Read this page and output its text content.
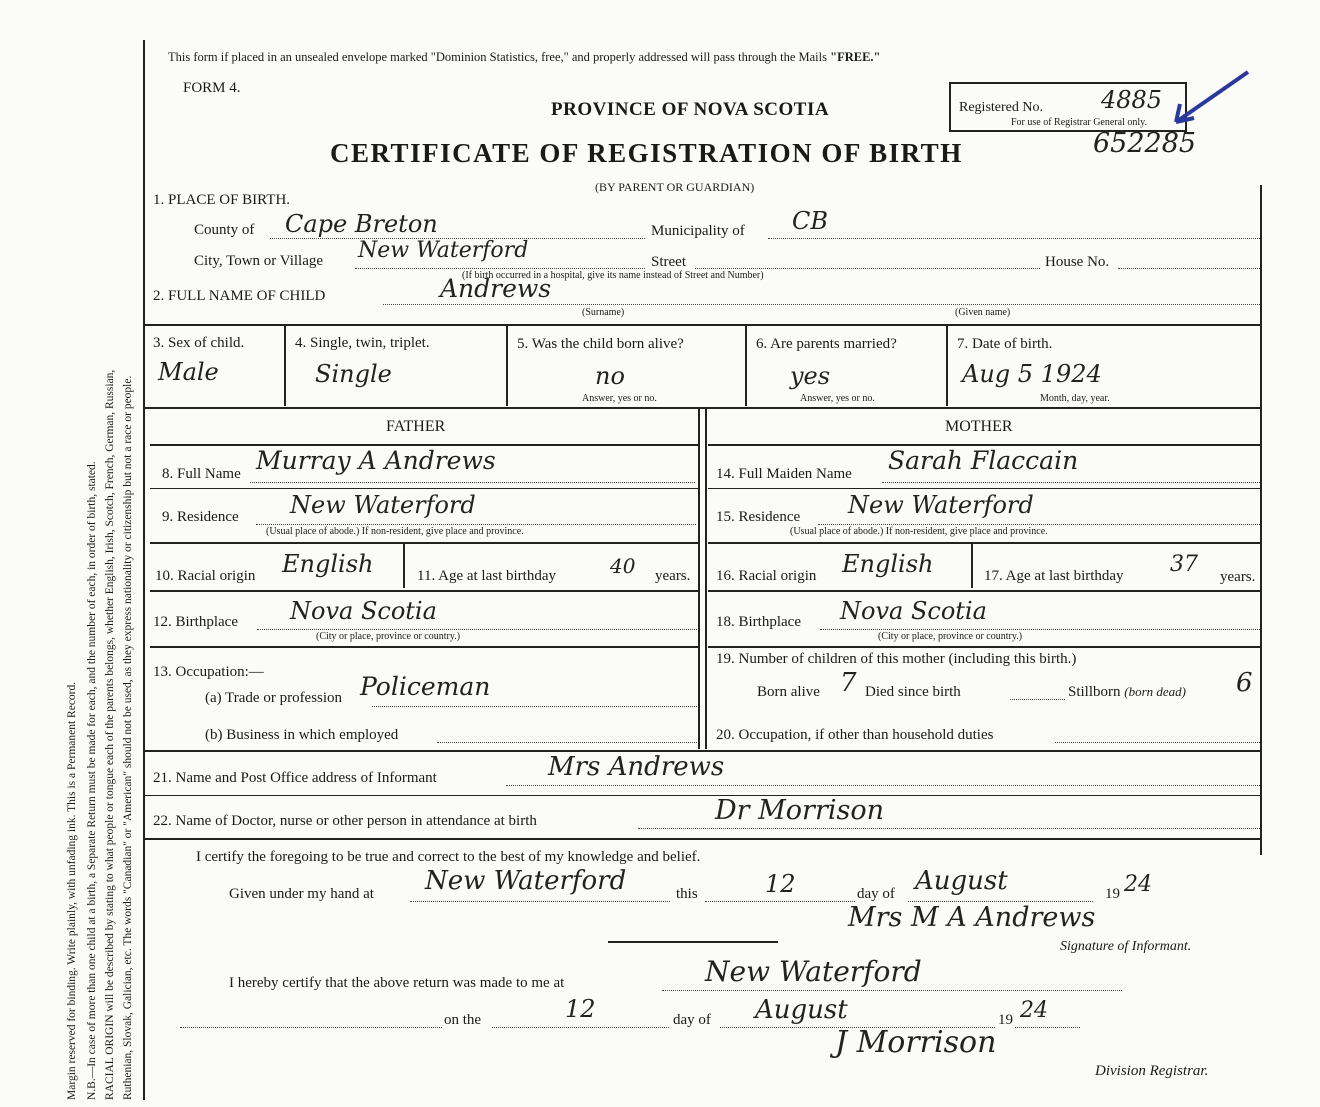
Margin reserved for binding. Write plainly, with unfading ink. This is a Permanent Record. N.B.—In case of more than one child at a birth, a Separate Return must be made for each, and the number of each, in order of birth, stated. RACIAL ORIGIN will be described by stating to what people or tongue each of the parents belongs, whether English, Irish, Scotch, French, German, Russian, Ruthenian, Slovak, Galician, etc. The words "Canadian" or "American" should not be used, as they express nationality or citizenship but not a race or people.
This form if placed in an unsealed envelope marked "Dominion Statistics, free," and properly addressed will pass through the Mails "FREE."
FORM 4.
PROVINCE OF NOVA SCOTIA
CERTIFICATE OF REGISTRATION OF BIRTH
(BY PARENT OR GUARDIAN)
Registered No. 4885
For use of Registrar General only.
652285
1. PLACE OF BIRTH.
County of Cape Breton	Municipality of CB
City, Town or Village New Waterford	Street	House No.
(If birth occurred in a hospital, give its name instead of Street and Number)
2. FULL NAME OF CHILD	Andrews
(Surname)	(Given name)
3. Sex of child.
Male
4. Single, twin, triplet.
Single
5. Was the child born alive?
no
Answer, yes or no.
6. Are parents married?
yes
Answer, yes or no.
7. Date of birth.
Aug 5 1924
Month, day, year.
FATHER	MOTHER
8. Full Name Murray A Andrews
9. Residence New Waterford
(Usual place of abode.) If non-resident, give place and province.
10. Racial origin English	11. Age at last birthday	40 years.
12. Birthplace Nova Scotia
(City or place, province or country.)
13. Occupation:—
(a) Trade or profession Policeman
(b) Business in which employed
14. Full Maiden Name Sarah Flaccain
15. Residence New Waterford
(Usual place of abode.) If non-resident, give place and province.
16. Racial origin English	17. Age at last birthday 37 years.
18. Birthplace Nova Scotia
(City or place, province or country.)
19. Number of children of this mother (including this birth.)
Born alive 7 Died since birth	Stillborn (born dead) 6
20. Occupation, if other than household duties
21. Name and Post Office address of Informant	Mrs Andrews
22. Name of Doctor, nurse or other person in attendance at birth	Dr Morrison
I certify the foregoing to be true and correct to the best of my knowledge and belief.
Given under my hand at New Waterford	this	12	day of August	19 24
Mrs M A Andrews
Signature of Informant.
I hereby certify that the above return was made to me at	New Waterford
on the	12	day of August	19 24
J Morrison
Division Registrar.
